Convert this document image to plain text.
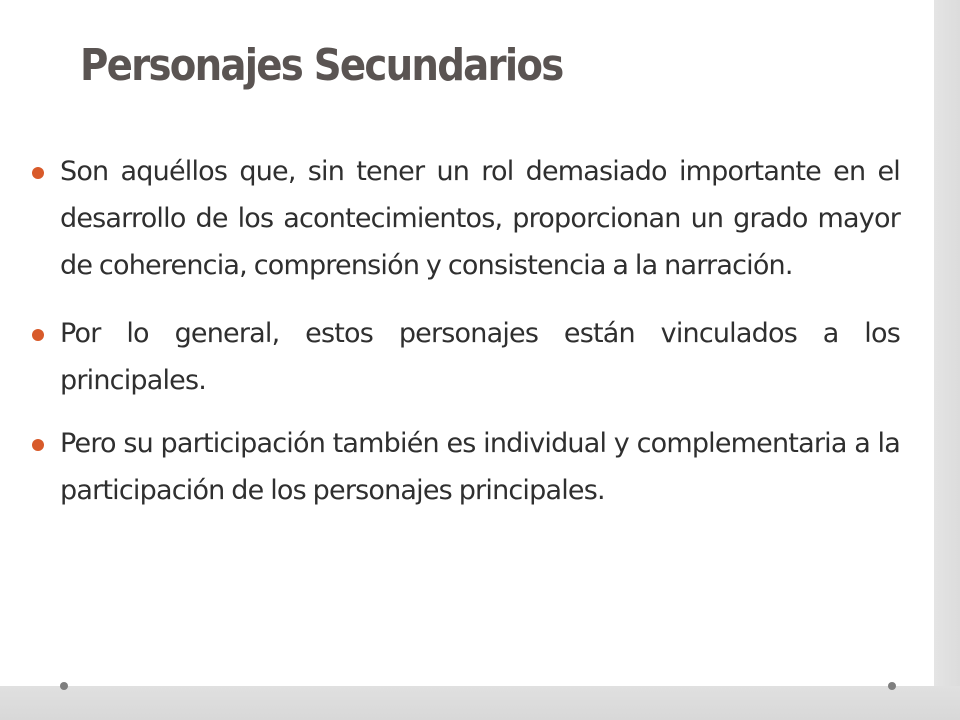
Personajes Secundarios
Son aquéllos que, sin tener un rol demasiado importante en el desarrollo de los acontecimientos, proporcionan un grado mayor de coherencia, comprensión y consistencia a la narración.
Por lo general, estos personajes están vinculados a los principales.
Pero su participación también es individual y complementaria a la participación de los personajes principales.
